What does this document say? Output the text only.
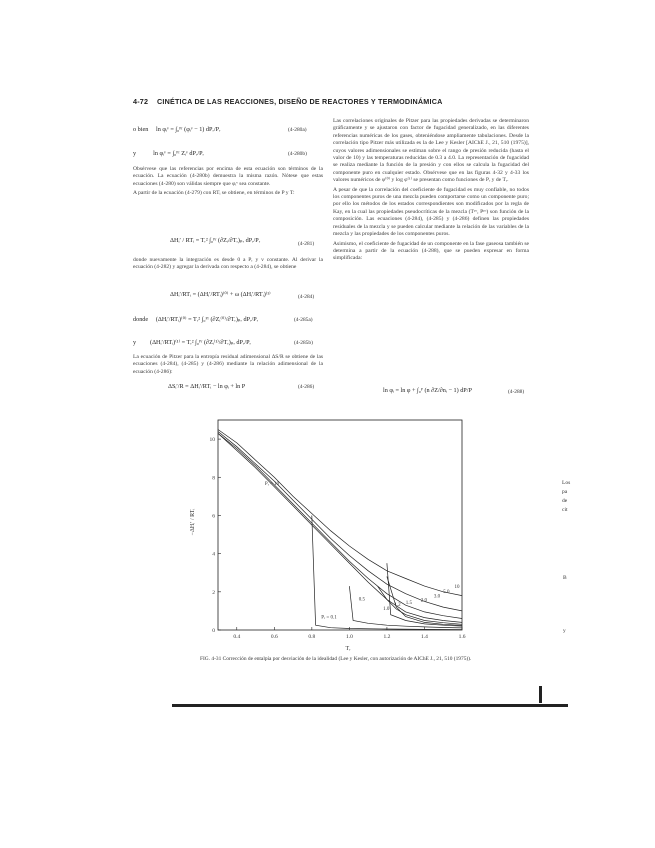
4-72 CINÉTICA DE LAS REACCIONES, DISEÑO DE REACTORES Y TERMODINÁMICA
o bien ln φᵢᵛ = ∫₀ᴾʳ (φᵢᵛ − 1) dPᵣ/Pᵣ	(4-280a)
y	ln φᵢᵛ = ∫₀ᴾʳ Zᵢᵛ dPᵣ/Pᵣ	(4-280b)

Obsérvese que las referencias por encima de esta ecuación son términos de la ecuación. La ecuación (4-280b) demuestra la misma razón. Nótese que estas ecuaciones (4-280) son válidas siempre que φᵢᵛ sea constante.

A partir de la ecuación (4-279) con RTᵢ se obtiene, en términos de P y T:

ΔHᵢ′ / RTᵢ = Tᵣ² ∫₀ᴾʳ (∂Zᵢ/∂Tᵣ)ₚᵣ dPᵣ/Pᵣ	(4-281)
donde nuevamente la integración es desde 0 a Pᵣ y v constante. Al derivar la ecuación (4-282) y agregar la derivada con respecto a (4-284), se obtiene
ΔHᵢ′/RTᵢ = (ΔHᵢ′/RTᵢ)⁽⁰⁾ + ω (ΔHᵢ′/RTᵢ)⁽¹⁾	(4-284)
donde (ΔHᵢ′/RTᵢ)⁽⁰⁾ = Tᵣ² ∫₀ᴾʳ (∂Zᵢ⁽⁰⁾/∂Tᵣ)ₚᵣ dPᵣ/Pᵣ	(4-285a)
y (ΔHᵢ′/RTᵢ)⁽¹⁾ = Tᵣ² ∫₀ᴾʳ (∂Zᵢ⁽¹⁾/∂Tᵣ)ₚᵣ dPᵣ/Pᵣ	(4-285b)
La ecuación de Pitzer para la entropía residual adimensional ΔS/R se obtiene de las ecuaciones (4-284), (4-285) y (4-286) mediante la relación adimensional de la ecuación (4-286):
ΔSᵢ′/R = ΔHᵢ′/RTᵢ − ln φᵢ + ln P	(4-286)

Las correlaciones originales de Pitzer para las propiedades derivadas se determinaron gráficamente y se ajustaron con factor de fugacidad generalizado, en las diferentes referencias numéricas de los gases, obteniéndose ampliamente tabulaciones. Desde la correlación tipo Pitzer más utilizada es la de Lee y Kesler [AIChE J., 21, 510 (1975)], cuyos valores adimensionales se estiman sobre el rango de presión reducida (hasta el valor de 10) y las temperaturas reducidas de 0.3 a 4.0. La representación de fugacidad se realiza mediante la función de la presión y con ellos se calcula la fugacidad del componente puro en cualquier estado. Obsérvese que en las figuras 4-32 y 4-33 los valores numéricos de φ⁽⁰⁾ y log φ⁽¹⁾ se presentan como funciones de Pᵣ y de Tᵣ.

A pesar de que la correlación del coeficiente de fugacidad es muy confiable, no todos los componentes puros de una mezcla pueden comportarse como un componente puro; por ello los métodos de los estados correspondientes son modificados por la regla de Kay, en la cual las propiedades pseudocríticas de la mezcla (Tᵖᶜ, Pᵖᶜ) son función de la composición. Las ecuaciones (4-284), (4-285) y (4-286) definen las propiedades residuales de la mezcla y se pueden calcular mediante la relación de las variables de la mezcla y las propiedades de los componentes puros.

Asimismo, el coeficiente de fugacidad de un componente en la fase gaseosa también se determina a partir de la ecuación (4-288), que se pueden expresar en forma simplificada:

ln φᵢ = ln φ + ∫₀ᴾ (n ∂Z/∂nᵢ − 1) dP/P	(4-288)
Los
pa
de
cit
B
y
0.4	0.6	0.8	1.0	1.2	1.4	1.6
0
2
4
6
8
10
Pᵣ = 0.1
Pᵣ = 10
0.5
1.0
1.2 1.5
2.0
3.0
5.0
10
−ΔHᵢ′ / RTᵢ
Tᵣ
FIG. 4-31 Corrección de entalpía por desviación de la idealidad (Lee y Kesler, con autorización de AIChE J., 21, 510 (1975)).
